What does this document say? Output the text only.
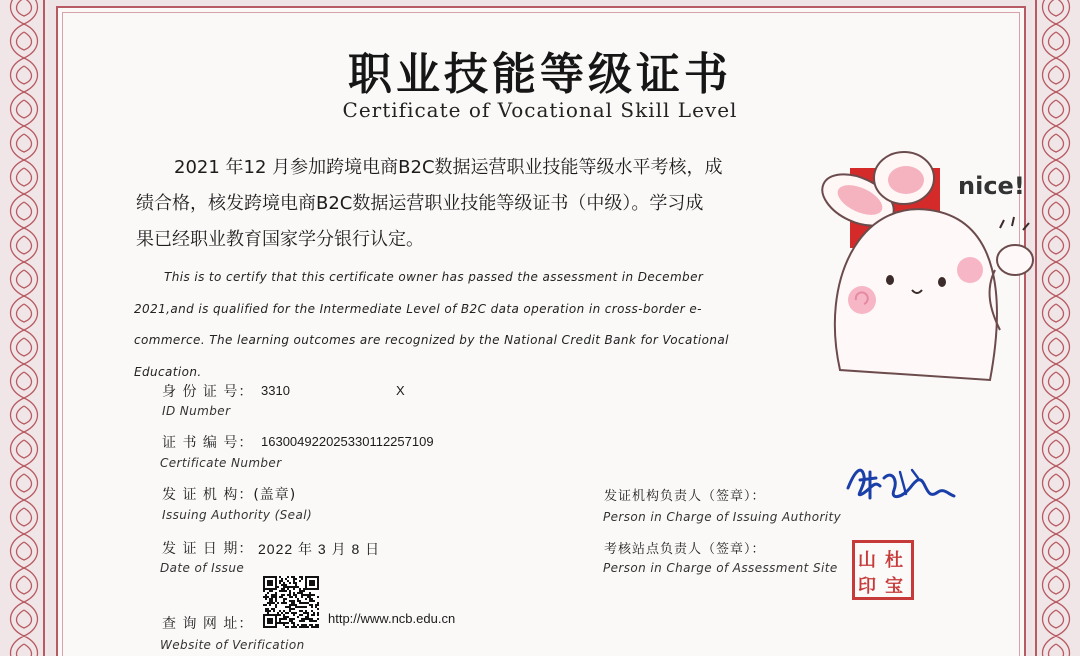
职业技能等级证书
Certificate of Vocational Skill Level
2021 年12 月参加跨境电商B2C数据运营职业技能等级水平考核，成
绩合格，核发跨境电商B2C数据运营职业技能等级证书（中级）。学习成
果已经职业教育国家学分银行认定。
This is to certify that this certificate owner has passed the assessment in December
2021,and is qualified for the Intermediate Level of B2C data operation in cross-border e-
commerce. The learning outcomes are recognized by the National Credit Bank for Vocational
Education.
身 份 证 号： 3310	X
ID Number
证 书 编 号： 1630049220253301122571​09
Certificate Number
发 证 机 构：(盖章)
Issuing Authority (Seal)
发 证 日 期： 2022 年 3 月 8 日
Date of Issue
查 询 网 址：	http://www.ncb.edu.cn
Website of Verification
发证机构负责人（签章）：
Person in Charge of Issuing Authority
考核站点负责人（签章）：
Person in Charge of Assessment Site 山 杜
印 宝
nice!
